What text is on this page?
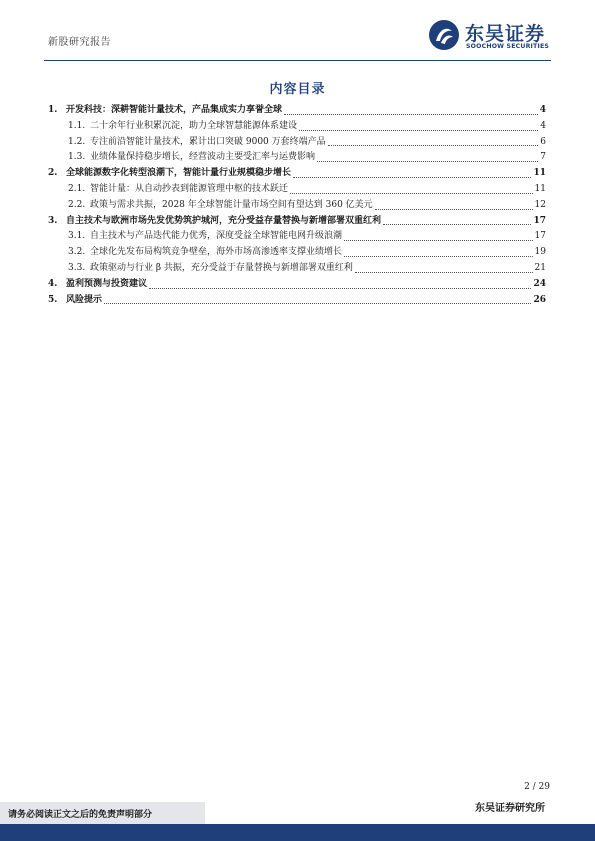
新股研究报告	东吴证券
SOOCHOW SECURITIES
内容目录
1. 开发科技：深耕智能计量技术，产品集成实力享誉全球	4
1.1. 二十余年行业积累沉淀，助力全球智慧能源体系建设	4
1.2. 专注前沿智能计量技术，累计出口突破 9000 万套终端产品	6
1.3. 业绩体量保持稳步增长，经营波动主要受汇率与运费影响	7
2. 全球能源数字化转型浪潮下，智能计量行业规模稳步增长	11
2.1. 智能计量：从自动抄表到能源管理中枢的技术跃迁	11
2.2. 政策与需求共振，2028 年全球智能计量市场空间有望达到 360 亿美元	12
3. 自主技术与欧洲市场先发优势筑护城河，充分受益存量替换与新增部署双重红利	17
3.1. 自主技术与产品迭代能力优秀，深度受益全球智能电网升级浪潮	17
3.2. 全球化先发布局构筑竞争壁垒，海外市场高渗透率支撑业绩增长	19
3.3. 政策驱动与行业 β 共振，充分受益于存量替换与新增部署双重红利	21
4. 盈利预测与投资建议	24
5. 风险提示	26
2 / 29
请务必阅读正文之后的免责声明部分
东吴证券研究所
